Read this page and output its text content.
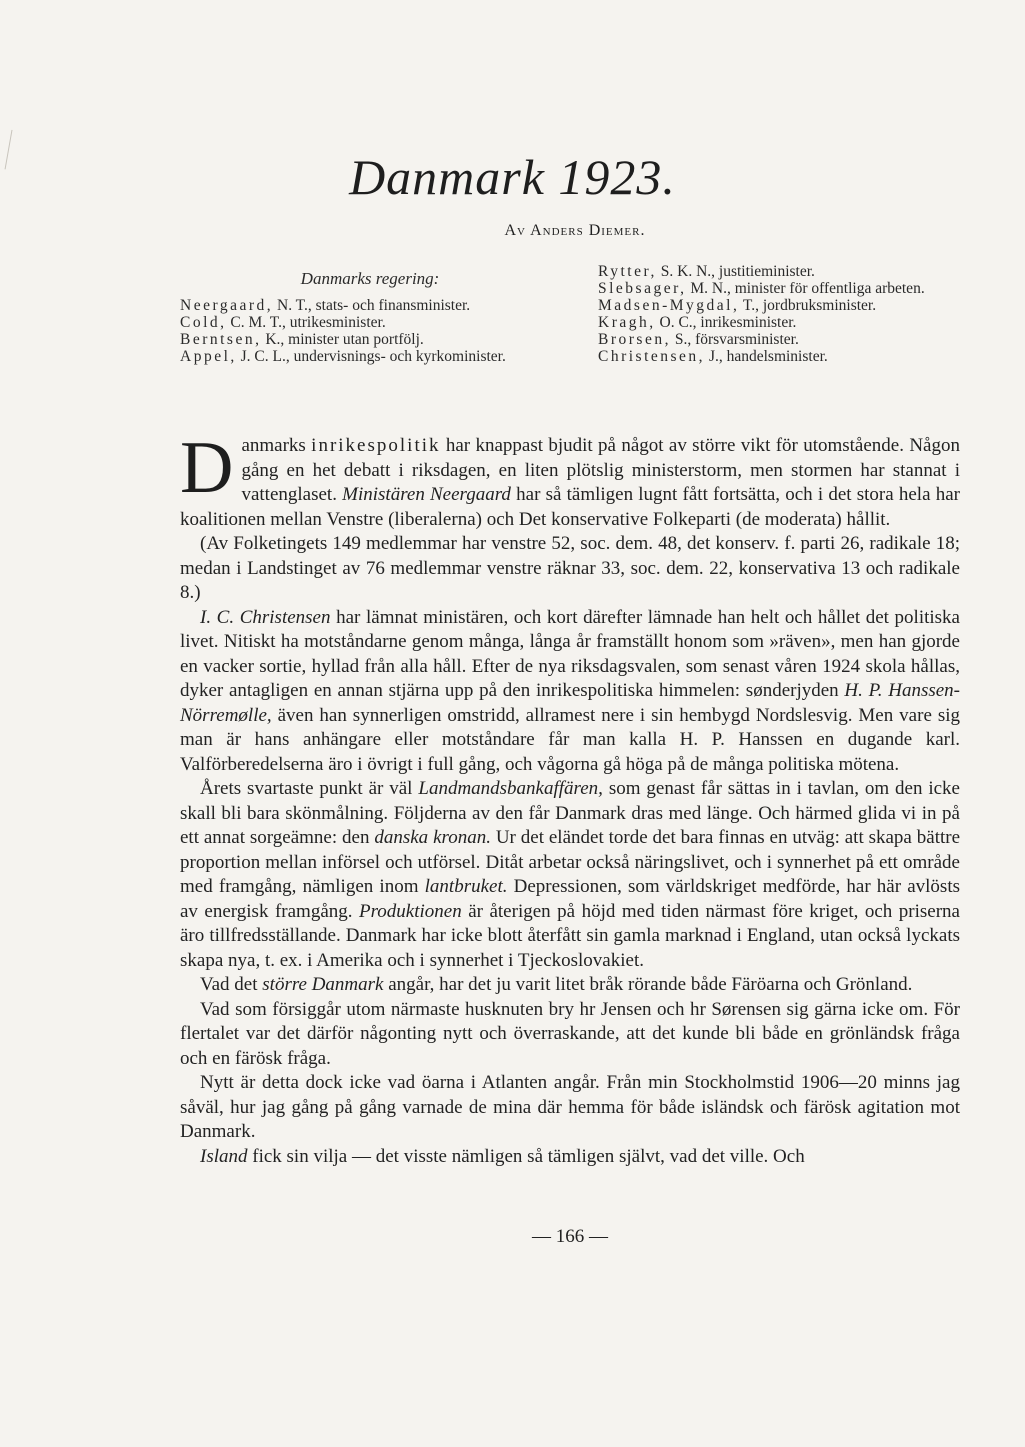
Danmark 1923.
Av Anders Diemer.
Danmarks regering:

Neergaard, N. T., stats- och finansminister.

Cold, C. M. T., utrikesminister.

Berntsen, K., minister utan portfölj.

Appel, J. C. L., undervisnings- och kyrkominister.

Rytter, S. K. N., justitieminister.

Slebsager, M. N., minister för offentliga arbeten.

Madsen-Mygdal, T., jordbruksminister.

Kragh, O. C., inrikesminister.

Brorsen, S., försvarsminister.

Christensen, J., handelsminister.

Danmarks inrikespolitik har knappast bjudit på något av större vikt för utomstående. Någon gång en het debatt i riksdagen, en liten plötslig ministerstorm, men stormen har stannat i vattenglaset. Ministären Neergaard har så tämligen lugnt fått fortsätta, och i det stora hela har koalitionen mellan Venstre (liberalerna) och Det konservative Folkeparti (de moderata) hållit.

(Av Folketingets 149 medlemmar har venstre 52, soc. dem. 48, det konserv. f. parti 26, radikale 18; medan i Landstinget av 76 medlemmar venstre räknar 33, soc. dem. 22, konservativa 13 och radikale 8.)

I. C. Christensen har lämnat ministären, och kort därefter lämnade han helt och hållet det politiska livet. Nitiskt ha motståndarne genom många, långa år framställt honom som »räven», men han gjorde en vacker sortie, hyllad från alla håll. Efter de nya riksdagsvalen, som senast våren 1924 skola hållas, dyker antagligen en annan stjärna upp på den inrikespolitiska himmelen: sønderjyden H. P. Hanssen-Nörremølle, även han synnerligen omstridd, allramest nere i sin hembygd Nordslesvig. Men vare sig man är hans anhängare eller motståndare får man kalla H. P. Hanssen en dugande karl. Valförberedelserna äro i övrigt i full gång, och vågorna gå höga på de många politiska mötena.

Årets svartaste punkt är väl Landmandsbankaffären, som genast får sättas in i tavlan, om den icke skall bli bara skönmålning. Följderna av den får Danmark dras med länge. Och härmed glida vi in på ett annat sorgeämne: den danska kronan. Ur det eländet torde det bara finnas en utväg: att skapa bättre proportion mellan införsel och utförsel. Ditåt arbetar också näringslivet, och i synnerhet på ett område med framgång, nämligen inom lantbruket. Depressionen, som världskriget medförde, har här avlösts av energisk framgång. Produktionen är återigen på höjd med tiden närmast före kriget, och priserna äro tillfredsställande. Danmark har icke blott återfått sin gamla marknad i England, utan också lyckats skapa nya, t. ex. i Amerika och i synnerhet i Tjeckoslovakiet.

Vad det större Danmark angår, har det ju varit litet bråk rörande både Färöarna och Grönland.

Vad som försiggår utom närmaste husknuten bry hr Jensen och hr Sørensen sig gärna icke om. För flertalet var det därför någonting nytt och överraskande, att det kunde bli både en grönländsk fråga och en färösk fråga.

Nytt är detta dock icke vad öarna i Atlanten angår. Från min Stockholmstid 1906—20 minns jag såväl, hur jag gång på gång varnade de mina där hemma för både isländsk och färösk agitation mot Danmark.

Island fick sin vilja — det visste nämligen så tämligen självt, vad det ville. Och

— 166 —
